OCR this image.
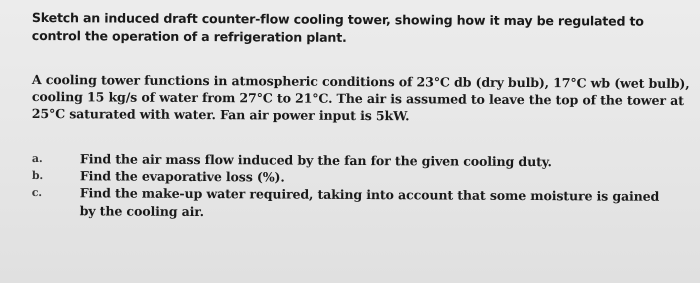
Sketch an induced draft counter-flow cooling tower, showing how it may be regulated to control the operation of a refrigeration plant.

A cooling tower functions in atmospheric conditions of 23°C db (dry bulb), 17°C wb (wet bulb), cooling 15 kg/s of water from 27°C to 21°C. The air is assumed to leave the top of the tower at 25°C saturated with water. Fan air power input is 5kW.

a.	Find the air mass flow induced by the fan for the given cooling duty.
b.	Find the evaporative loss (%).
c.	Find the make-up water required, taking into account that some moisture is gained by the cooling air.
